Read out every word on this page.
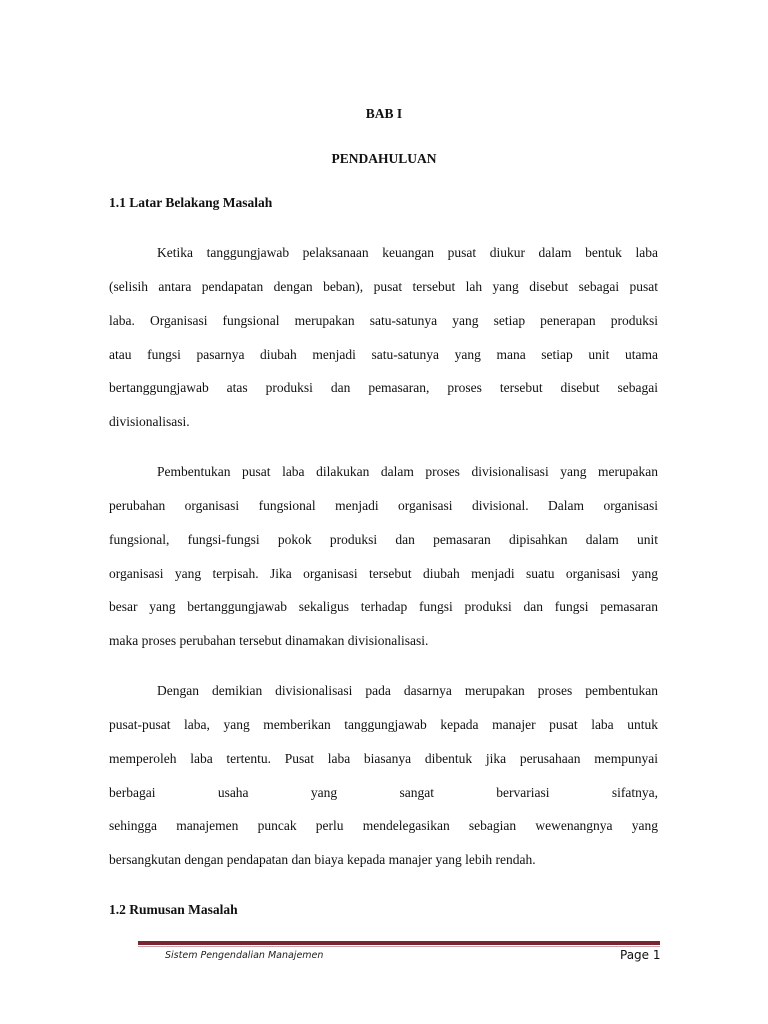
BAB I

PENDAHULUAN

1.1 Latar Belakang Masalah

Ketika tanggungjawab pelaksanaan keuangan pusat diukur dalam bentuk laba

(selisih antara pendapatan dengan beban), pusat tersebut lah yang disebut sebagai pusat

laba. Organisasi fungsional merupakan satu-satunya yang setiap penerapan produksi

atau fungsi pasarnya diubah menjadi satu-satunya yang mana setiap unit utama

bertanggungjawab atas produksi dan pemasaran, proses tersebut disebut sebagai

divisionalisasi.

Pembentukan pusat laba dilakukan dalam proses divisionalisasi yang merupakan

perubahan organisasi fungsional menjadi organisasi divisional. Dalam organisasi

fungsional, fungsi-fungsi pokok produksi dan pemasaran dipisahkan dalam unit

organisasi yang terpisah. Jika organisasi tersebut diubah menjadi suatu organisasi yang

besar yang bertanggungjawab sekaligus terhadap fungsi produksi dan fungsi pemasaran

maka proses perubahan tersebut dinamakan divisionalisasi.

Dengan demikian divisionalisasi pada dasarnya merupakan proses pembentukan

pusat-pusat laba, yang memberikan tanggungjawab kepada manajer pusat laba untuk

memperoleh laba tertentu. Pusat laba biasanya dibentuk jika perusahaan mempunyai

berbagai	usaha	yang	sangat	bervariasi	sifatnya,

sehingga manajemen puncak perlu mendelegasikan sebagian wewenangnya yang

bersangkutan dengan pendapatan dan biaya kepada manajer yang lebih rendah.

1.2 Rumusan Masalah

Sistem Pengendalian Manajemen	Page 1
